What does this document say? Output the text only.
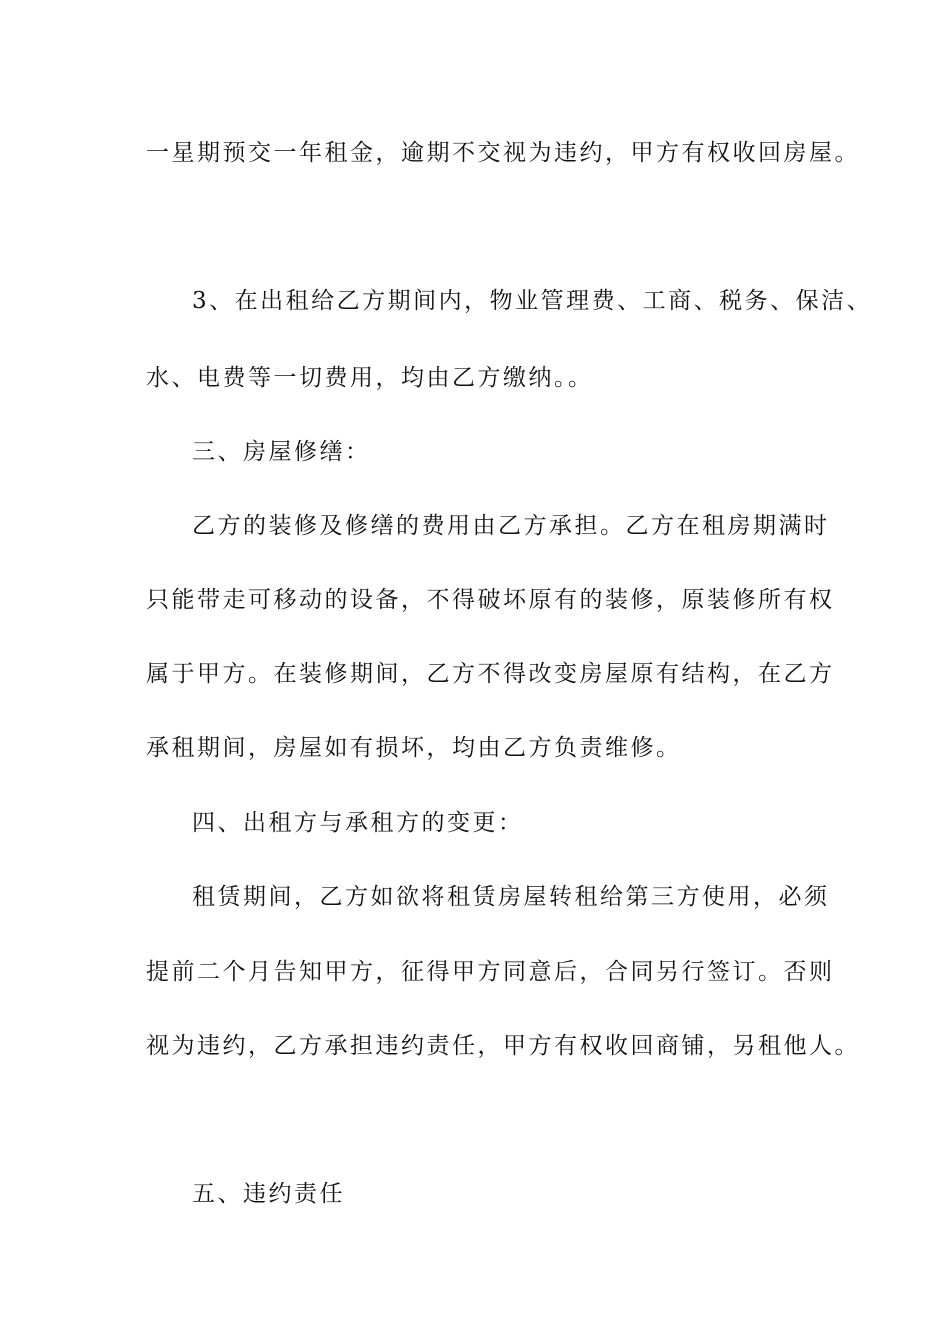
一星期预交一年租金，逾期不交视为违约，甲方有权收回房屋。
3、在出租给乙方期间内，物业管理费、工商、税务、保洁、
水、电费等一切费用，均由乙方缴纳。。
三、房屋修缮：
乙方的装修及修缮的费用由乙方承担。乙方在租房期满时
只能带走可移动的设备，不得破坏原有的装修，原装修所有权
属于甲方。在装修期间，乙方不得改变房屋原有结构，在乙方
承租期间，房屋如有损坏，均由乙方负责维修。
四、出租方与承租方的变更：
租赁期间，乙方如欲将租赁房屋转租给第三方使用，必须
提前二个月告知甲方，征得甲方同意后，合同另行签订。否则
视为违约，乙方承担违约责任，甲方有权收回商铺，另租他人。
五、违约责任
